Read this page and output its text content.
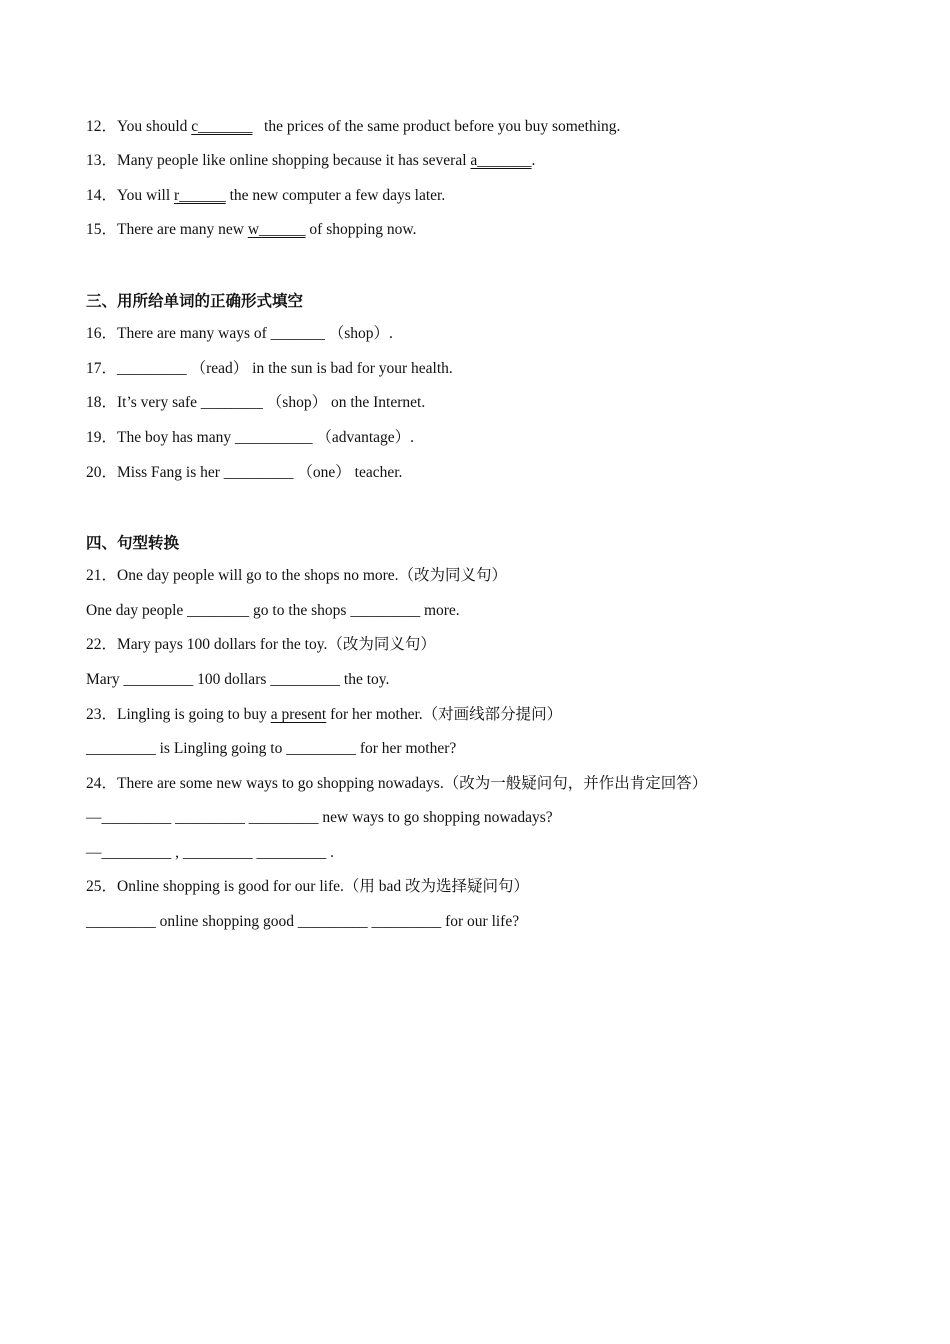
12．You should c_______   the prices of the same product before you buy something.
13．Many people like online shopping because it has several a_______.
14．You will r______ the new computer a few days later.
15．There are many new w______ of shopping now.
三、用所给单词的正确形式填空
16．There are many ways of _______ （shop）.
17．_________ （read） in the sun is bad for your health.
18．It’s very safe ________ （shop） on the Internet.
19．The boy has many __________ （advantage）.
20．Miss Fang is her _________ （one） teacher.
四、句型转换
21．One day people will go to the shops no more.（改为同义句）
One day people ________ go to the shops _________ more.
22．Mary pays 100 dollars for the toy.（改为同义句）
Mary _________ 100 dollars _________ the toy.
23．Lingling is going to buy a present for her mother.（对画线部分提问）
_________ is Lingling going to _________ for her mother?
24．There are some new ways to go shopping nowadays.（改为一般疑问句，并作出肯定回答）
—_________ _________ _________ new ways to go shopping nowadays?
—_________ , _________ _________ .
25．Online shopping is good for our life.（用 bad 改为选择疑问句）
_________ online shopping good _________ _________ for our life?
